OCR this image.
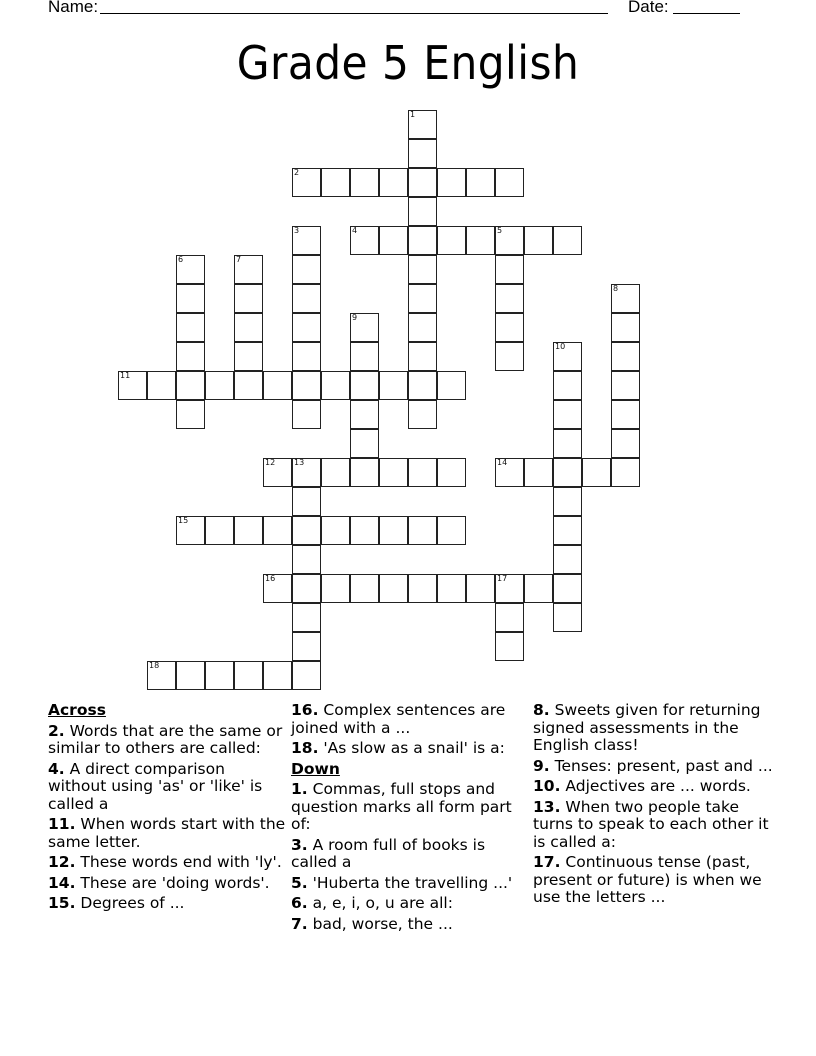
Name:	Date:
Grade 5 English
1
2
3	4	5
6	7
8
9
10
11
12 13	14
15
16	17
18
Across
2. Words that are the same or similar to others are called:
4. A direct comparison without using 'as' or 'like' is called a
11. When words start with the same letter.
12. These words end with 'ly'.
14. These are 'doing words'.
15. Degrees of ...
16. Complex sentences are joined with a ...
18. 'As slow as a snail' is a:
Down
1. Commas, full stops and question marks all form part of:
3. A room full of books is called a
5. 'Huberta the travelling ...'
6. a, e, i, o, u are all:
7. bad, worse, the ...
8. Sweets given for returning signed assessments in the English class!
9. Tenses: present, past and ...
10. Adjectives are ... words.
13. When two people take turns to speak to each other it is called a:
17. Continuous tense (past, present or future) is when we use the letters ...
